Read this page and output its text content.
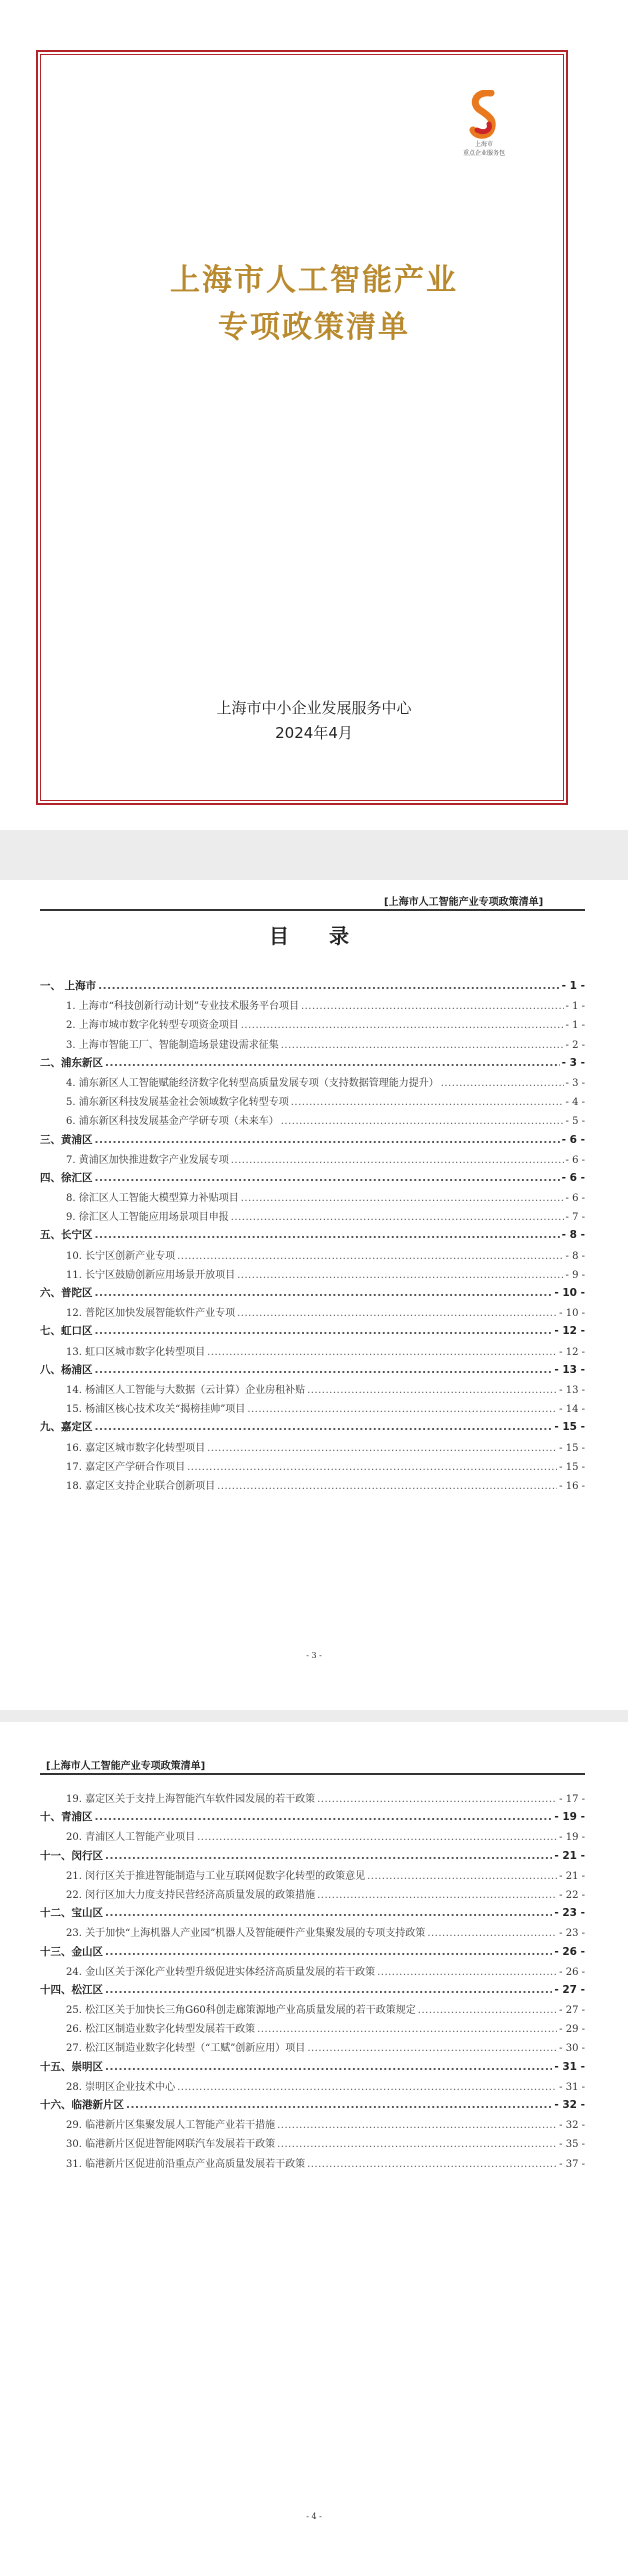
上海市
重点企业服务包
上海市人工智能产业
专项政策清单
上海市中小企业发展服务中心
2024年4月
[上海市人工智能产业专项政策清单]
目　录
一、 上海市 .....	- 1 -
1. 上海市“科技创新行动计划”专业技术服务平台项目 .....	- 1 -
2. 上海市城市数字化转型专项资金项目 .....	- 1 -
3. 上海市智能工厂、智能制造场景建设需求征集 .....	- 2 -
二、浦东新区 .....	- 3 -
4. 浦东新区人工智能赋能经济数字化转型高质量发展专项（支持数据管理能力提升） .....	- 3 -
5. 浦东新区科技发展基金社会领域数字化转型专项 .....	- 4 -
6. 浦东新区科技发展基金产学研专项（未来车） .....	- 5 -
三、黄浦区 .....	- 6 -
7. 黄浦区加快推进数字产业发展专项 .....	- 6 -
四、徐汇区 .....	- 6 -
8. 徐汇区人工智能大模型算力补贴项目 .....	- 6 -
9. 徐汇区人工智能应用场景项目申报 .....	- 7 -
五、长宁区 .....	- 8 -
10. 长宁区创新产业专项 .....	- 8 -
11. 长宁区鼓励创新应用场景开放项目 .....	- 9 -
六、普陀区 .....	- 10 -
12. 普陀区加快发展智能软件产业专项 .....	- 10 -
七、虹口区 .....	- 12 -
13. 虹口区城市数字化转型项目 .....	- 12 -
八、杨浦区 .....	- 13 -
14. 杨浦区人工智能与大数据（云计算）企业房租补贴 .....	- 13 -
15. 杨浦区核心技术攻关“揭榜挂帅”项目 .....	- 14 -
九、嘉定区 .....	- 15 -
16. 嘉定区城市数字化转型项目 .....	- 15 -
17. 嘉定区产学研合作项目 .....	- 15 -
18. 嘉定区支持企业联合创新项目 .....	- 16 -
- 3 -
[上海市人工智能产业专项政策清单]
19. 嘉定区关于支持上海智能汽车软件园发展的若干政策 .....	- 17 -
十、青浦区 .....	- 19 -
20. 青浦区人工智能产业项目 .....	- 19 -
十一、闵行区 .....	- 21 -
21. 闵行区关于推进智能制造与工业互联网促数字化转型的政策意见 .....	- 21 -
22. 闵行区加大力度支持民营经济高质量发展的政策措施 .....	- 22 -
十二、宝山区 .....	- 23 -
23. 关于加快“上海机器人产业园”机器人及智能硬件产业集聚发展的专项支持政策 .....	- 23 -
十三、金山区 .....	- 26 -
24. 金山区关于深化产业转型升级促进实体经济高质量发展的若干政策 .....	- 26 -
十四、松江区 .....	- 27 -
25. 松江区关于加快长三角G60科创走廊策源地产业高质量发展的若干政策规定 .....	- 27 -
26. 松江区制造业数字化转型发展若干政策 .....	- 29 -
27. 松江区制造业数字化转型（“工赋”创新应用）项目 .....	- 30 -
十五、崇明区 .....	- 31 -
28. 崇明区企业技术中心 .....	- 31 -
十六、临港新片区 .....	- 32 -
29. 临港新片区集聚发展人工智能产业若干措施 .....	- 32 -
30. 临港新片区促进智能网联汽车发展若干政策 .....	- 35 -
31. 临港新片区促进前沿重点产业高质量发展若干政策 .....	- 37 -
- 4 -
